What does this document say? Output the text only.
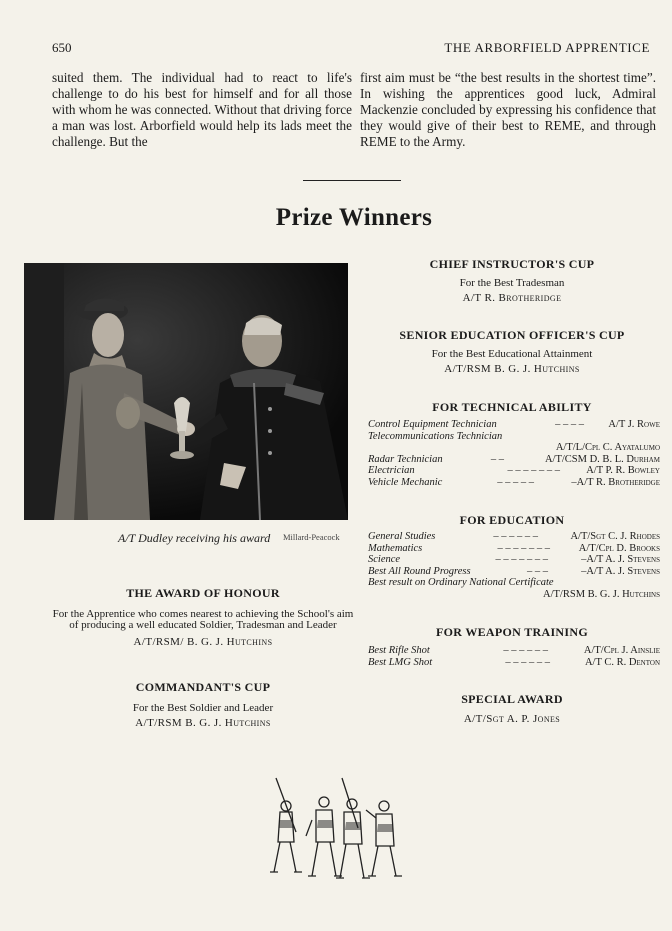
650	THE ARBORFIELD APPRENTICE
suited them. The individual had to react to life's challenge to do his best for himself and for all those with whom he was connected. Without that driving force a man was lost. Arborfield would help its lads meet the challenge. But the
first aim must be “the best results in the shortest time”. In wishing the apprentices good luck, Admiral Mackenzie concluded by expressing his confidence that they would give of their best to REME, and through REME to the Army.
Prize Winners
A/T Dudley receiving his award Millard-Peacock
THE AWARD OF HONOUR
For the Apprentice who comes nearest to achieving the School's aim of producing a well educated Soldier, Tradesman and Leader
A/T/RSM/ B. G. J. Hutchins
COMMANDANT'S CUP
For the Best Soldier and Leader
A/T/RSM B. G. J. Hutchins
CHIEF INSTRUCTOR'S CUP
For the Best Tradesman
A/T R. Brotheridge
SENIOR EDUCATION OFFICER'S CUP
For the Best Educational Attainment
A/T/RSM B. G. J. Hutchins
FOR TECHNICAL ABILITY
Control Equipment Technician	– – – – A/T J. Rowe
Telecommunications Technician
A/T/L/Cpl C. Ayatalumo
Radar Technician	– –	A/T/CSM D. B. L. Durham
Electrician	– – – – – – – A/T P. R. Bowley
Vehicle Mechanic	– – – – –	–A/T R. Brotheridge
FOR EDUCATION
General Studies	– – – – – –	A/T/Sgt C. J. Rhodes
Mathematics	– – – – – – –	A/T/Cpl D. Brooks
Science	– – – – – – –	–A/T A. J. Stevens
Best All Round Progress	– – –	–A/T A. J. Stevens
Best result on Ordinary National Certificate
A/T/RSM B. G. J. Hutchins
FOR WEAPON TRAINING
Best Rifle Shot	– – – – – –	A/T/Cpl J. Ainslie
Best LMG Shot	– – – – – –	A/T C. R. Denton
SPECIAL AWARD
A/T/Sgt A. P. Jones
